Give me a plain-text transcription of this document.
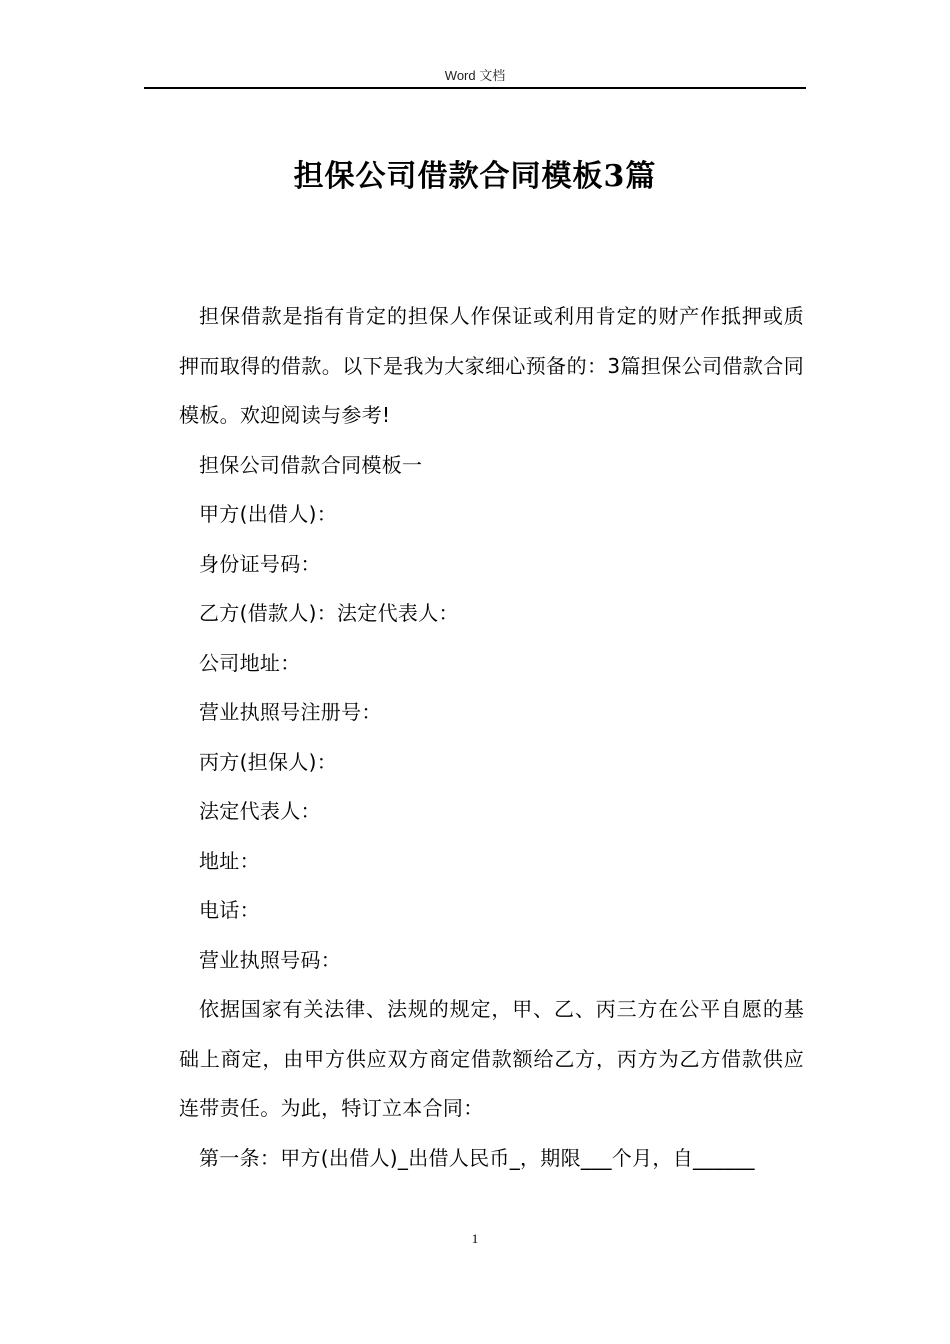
Word 文档
担保公司借款合同模板3篇

担保借款是指有肯定的担保人作保证或利用肯定的财产作抵押或质押而取得的借款。以下是我为大家细心预备的：3篇担保公司借款合同模板。欢迎阅读与参考!

担保公司借款合同模板一

甲方(出借人)：

身份证号码：

乙方(借款人)：法定代表人：

公司地址：

营业执照号注册号：

丙方(担保人)：

法定代表人：

地址：

电话：

营业执照号码：

依据国家有关法律、法规的规定，甲、乙、丙三方在公平自愿的基础上商定，由甲方供应双方商定借款额给乙方，丙方为乙方借款供应连带责任。为此，特订立本合同：

第一条：甲方(出借人)_出借人民币_，期限___个月，自______

1
